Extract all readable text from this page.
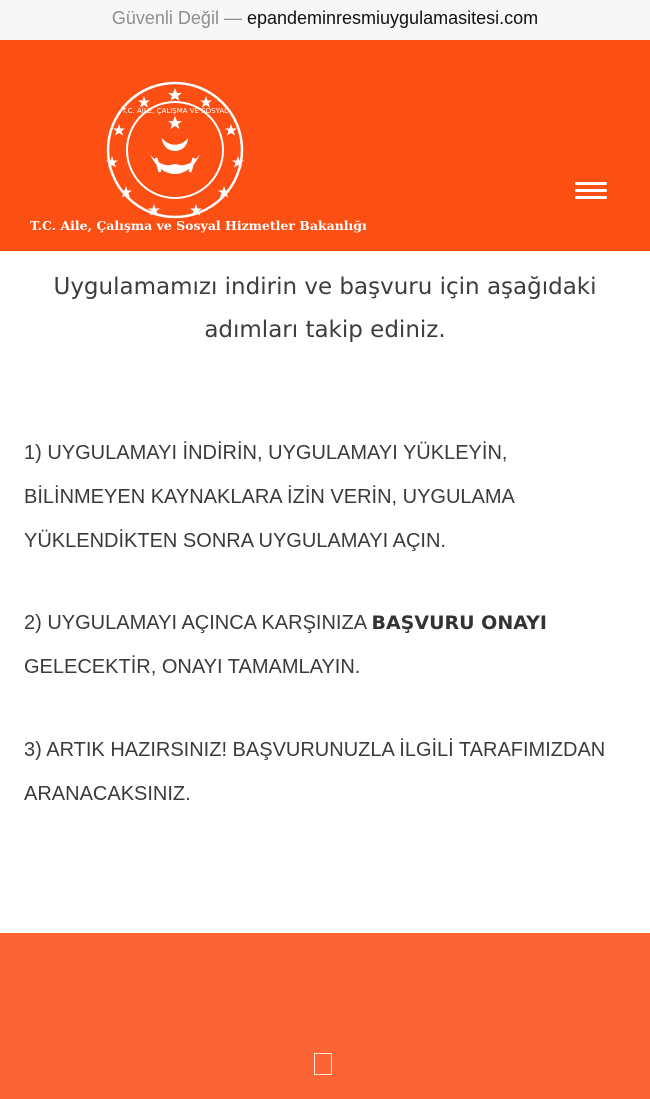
Güvenli Değil — epandeminresmiuygulamasitesi.com
T.C. AİLE, ÇALIŞMA VE SOSYAL
T.C. Aile, Çalışma ve Sosyal Hizmetler Bakanlığı

Uygulamamızı indirin ve başvuru için aşağıdaki adımları takip ediniz.

1) UYGULAMAYI İNDİRİN, UYGULAMAYI YÜKLEYİN, BİLİNMEYEN KAYNAKLARA İZİN VERİN, UYGULAMA YÜKLENDİKTEN SONRA UYGULAMAYI AÇIN.

2) UYGULAMAYI AÇINCA KARŞINIZA BAŞVURU ONAYI GELECEKTİR, ONAYI TAMAMLAYIN.

3) ARTIK HAZIRSINIZ! BAŞVURUNUZLA İLGİLİ TARAFIMIZDAN ARANACAKSINIZ.
